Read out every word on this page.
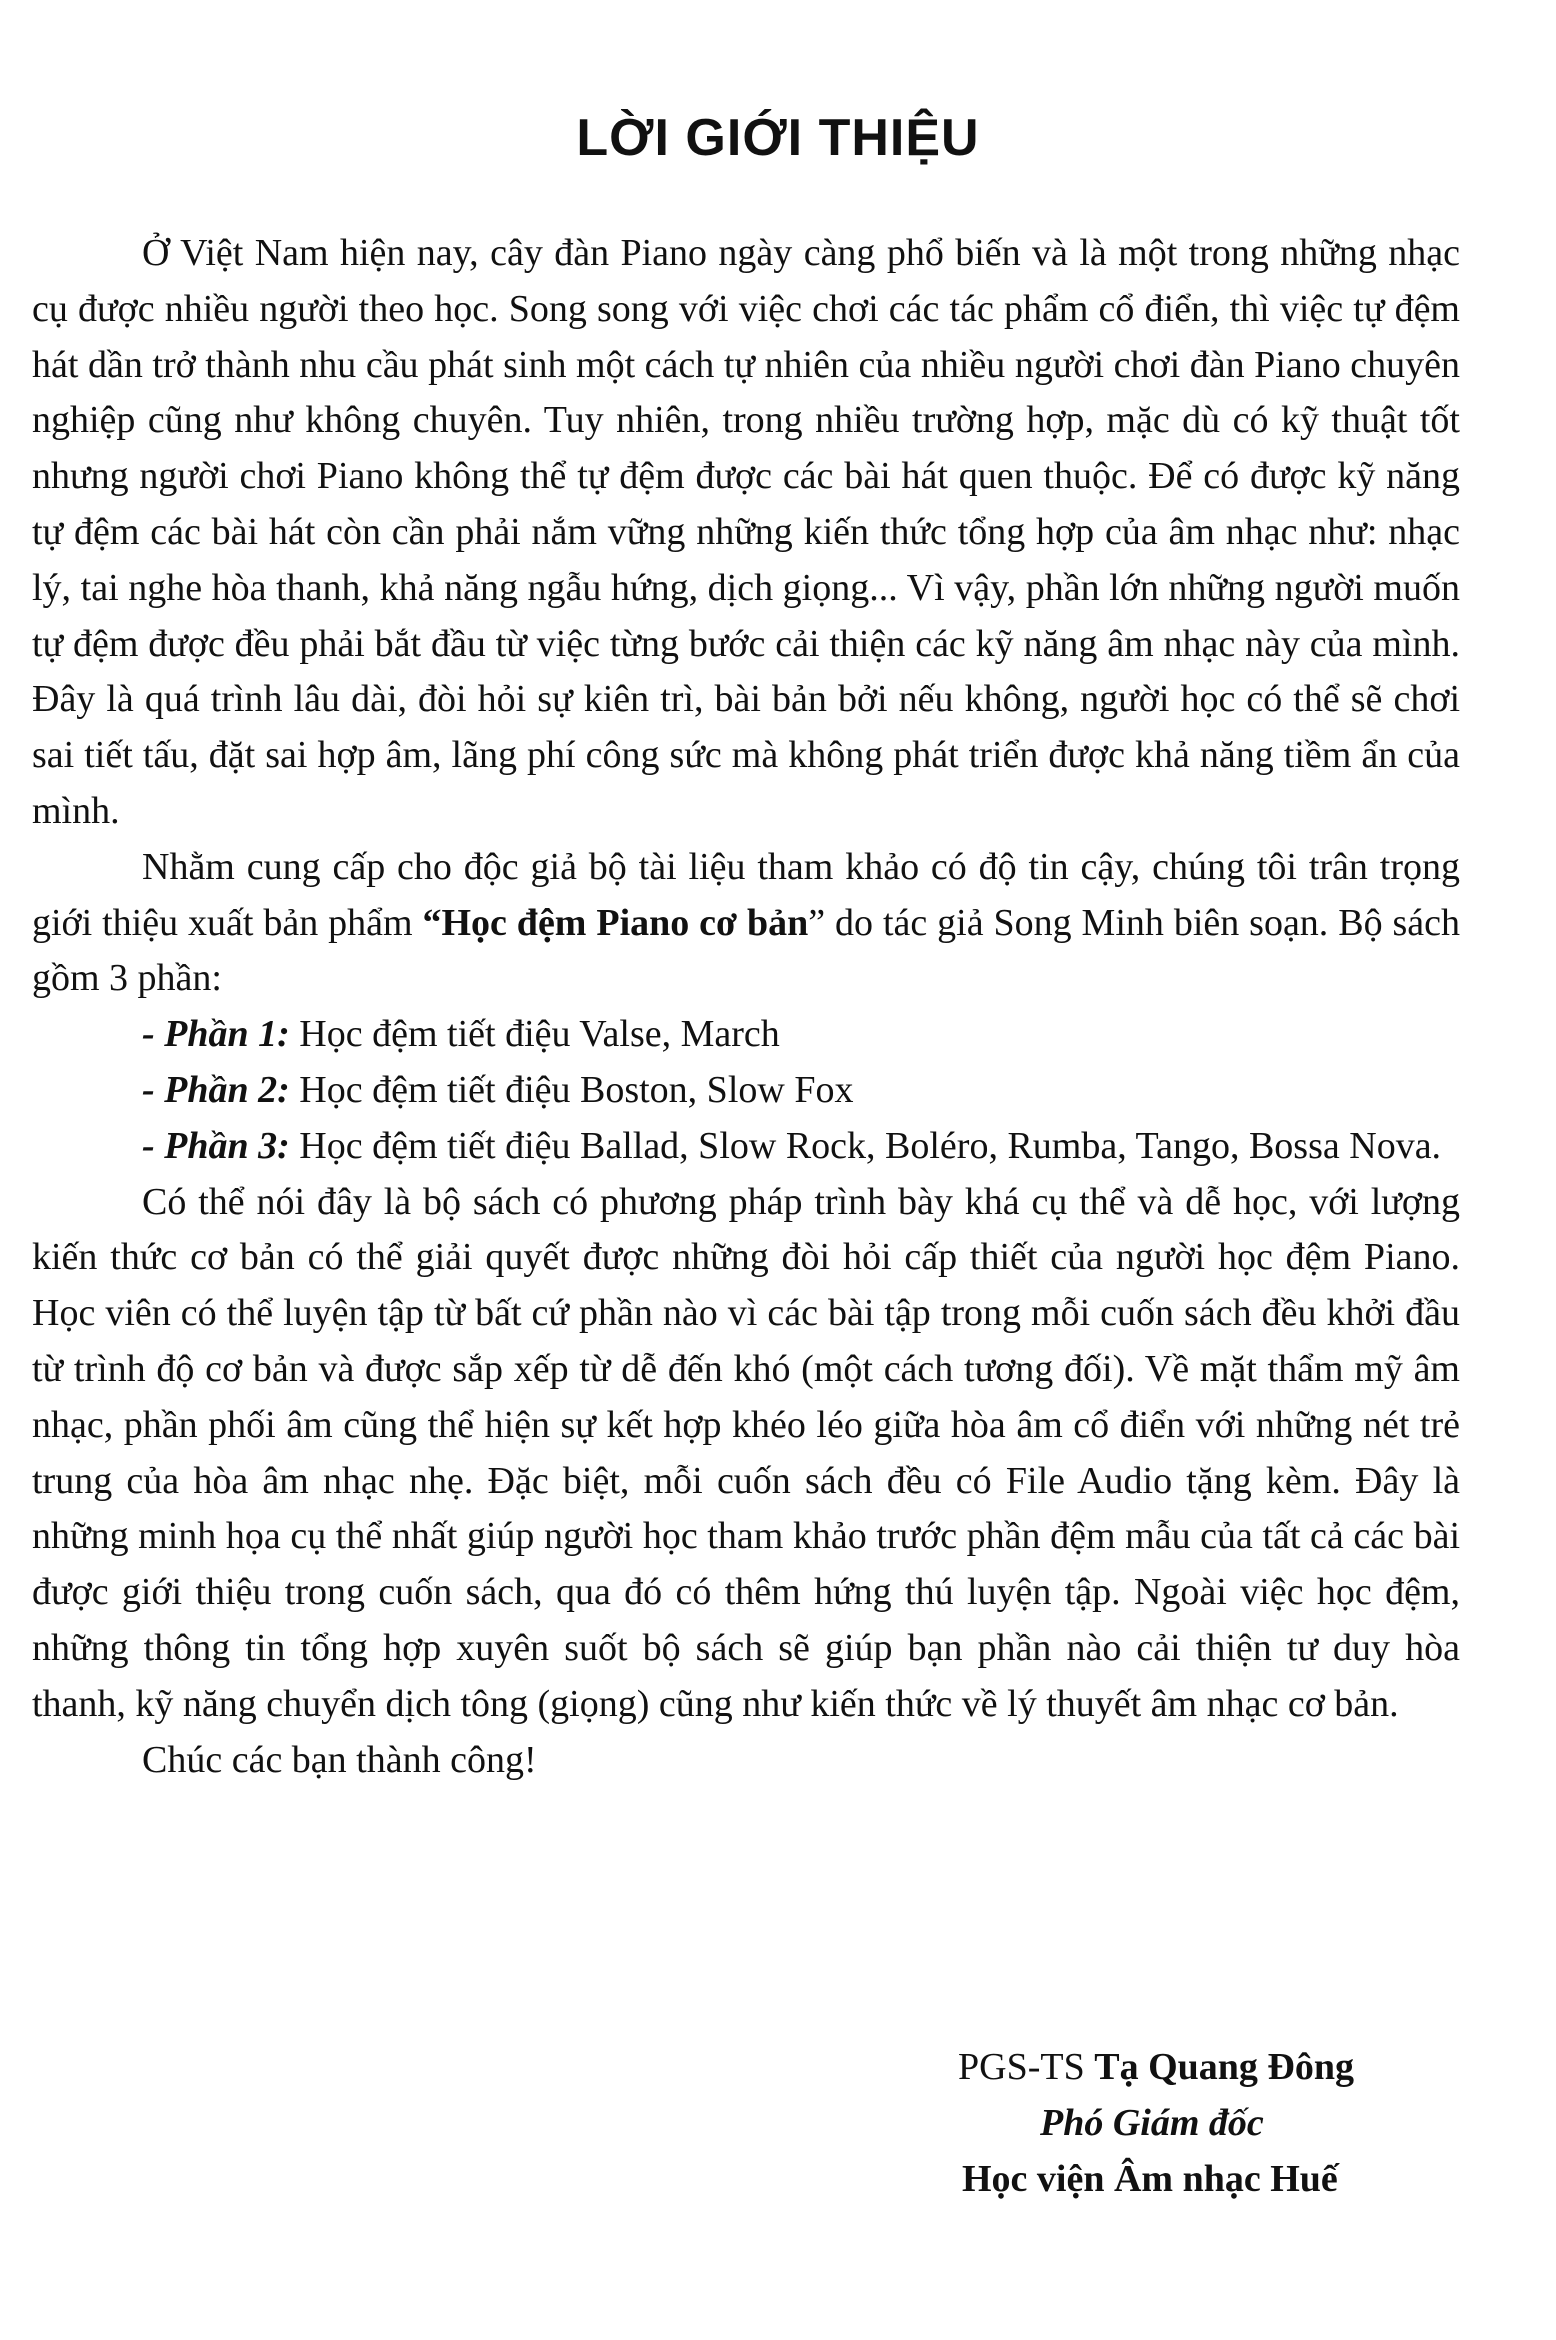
LỜI GIỚI THIỆU

Ở Việt Nam hiện nay, cây đàn Piano ngày càng phổ biến và là một trong những nhạc cụ được nhiều người theo học. Song song với việc chơi các tác phẩm cổ điển, thì việc tự đệm hát dần trở thành nhu cầu phát sinh một cách tự nhiên của nhiều người chơi đàn Piano chuyên nghiệp cũng như không chuyên. Tuy nhiên, trong nhiều trường hợp, mặc dù có kỹ thuật tốt nhưng người chơi Piano không thể tự đệm được các bài hát quen thuộc. Để có được kỹ năng tự đệm các bài hát còn cần phải nắm vững những kiến thức tổng hợp của âm nhạc như: nhạc lý, tai nghe hòa thanh, khả năng ngẫu hứng, dịch giọng... Vì vậy, phần lớn những người muốn tự đệm được đều phải bắt đầu từ việc từng bước cải thiện các kỹ năng âm nhạc này của mình. Đây là quá trình lâu dài, đòi hỏi sự kiên trì, bài bản bởi nếu không, người học có thể sẽ chơi sai tiết tấu, đặt sai hợp âm, lãng phí công sức mà không phát triển được khả năng tiềm ẩn của mình.

Nhằm cung cấp cho độc giả bộ tài liệu tham khảo có độ tin cậy, chúng tôi trân trọng giới thiệu xuất bản phẩm “Học đệm Piano cơ bản” do tác giả Song Minh biên soạn. Bộ sách gồm 3 phần:

- Phần 1: Học đệm tiết điệu Valse, March
- Phần 2: Học đệm tiết điệu Boston, Slow Fox
- Phần 3: Học đệm tiết điệu Ballad, Slow Rock, Boléro, Rumba, Tango, Bossa Nova.

Có thể nói đây là bộ sách có phương pháp trình bày khá cụ thể và dễ học, với lượng kiến thức cơ bản có thể giải quyết được những đòi hỏi cấp thiết của người học đệm Piano. Học viên có thể luyện tập từ bất cứ phần nào vì các bài tập trong mỗi cuốn sách đều khởi đầu từ trình độ cơ bản và được sắp xếp từ dễ đến khó (một cách tương đối). Về mặt thẩm mỹ âm nhạc, phần phối âm cũng thể hiện sự kết hợp khéo léo giữa hòa âm cổ điển với những nét trẻ trung của hòa âm nhạc nhẹ. Đặc biệt, mỗi cuốn sách đều có File Audio tặng kèm. Đây là những minh họa cụ thể nhất giúp người học tham khảo trước phần đệm mẫu của tất cả các bài được giới thiệu trong cuốn sách, qua đó có thêm hứng thú luyện tập. Ngoài việc học đệm, những thông tin tổng hợp xuyên suốt bộ sách sẽ giúp bạn phần nào cải thiện tư duy hòa thanh, kỹ năng chuyển dịch tông (giọng) cũng như kiến thức về lý thuyết âm nhạc cơ bản.

Chúc các bạn thành công!

PGS-TS Tạ Quang Đông
Phó Giám đốc
Học viện Âm nhạc Huế
